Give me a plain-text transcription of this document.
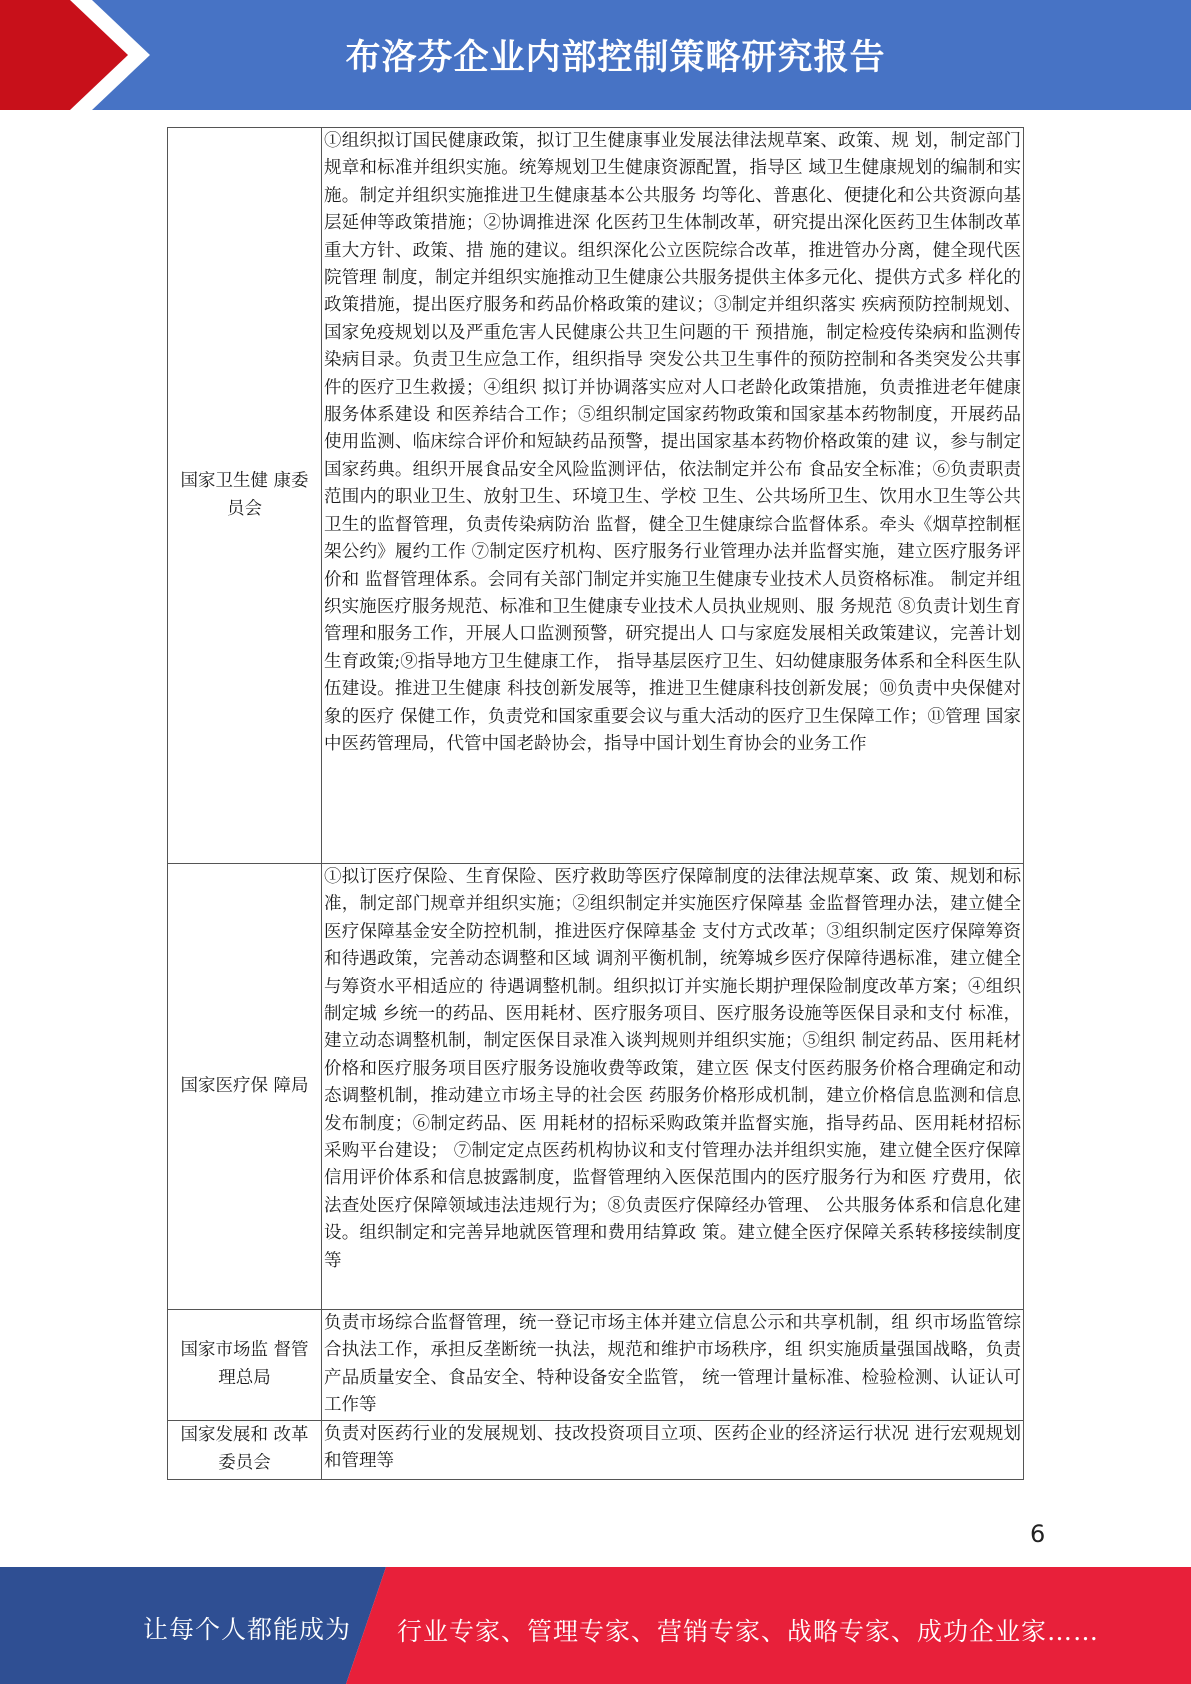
布洛芬企业内部控制策略研究报告
国家卫生健 康委员会	①组织拟订国民健康政策，拟订卫生健康事业发展法律法规草案、政策、规 划，制定部门规章和标准并组织实施。统筹规划卫生健康资源配置，指导区 域卫生健康规划的编制和实施。制定并组织实施推进卫生健康基本公共服务 均等化、普惠化、便捷化和公共资源向基层延伸等政策措施；②协调推进深 化医药卫生体制改革，研究提出深化医药卫生体制改革重大方针、政策、措 施的建议。组织深化公立医院综合改革，推进管办分离，健全现代医院管理 制度，制定并组织实施推动卫生健康公共服务提供主体多元化、提供方式多 样化的政策措施，提出医疗服务和药品价格政策的建议；③制定并组织落实 疾病预防控制规划、国家免疫规划以及严重危害人民健康公共卫生问题的干 预措施，制定检疫传染病和监测传染病目录。负责卫生应急工作，组织指导 突发公共卫生事件的预防控制和各类突发公共事件的医疗卫生救援；④组织 拟订并协调落实应对人口老龄化政策措施，负责推进老年健康服务体系建设 和医养结合工作；⑤组织制定国家药物政策和国家基本药物制度，开展药品 使用监测、临床综合评价和短缺药品预警，提出国家基本药物价格政策的建 议，参与制定国家药典。组织开展食品安全风险监测评估，依法制定并公布 食品安全标准；⑥负责职责范围内的职业卫生、放射卫生、环境卫生、学校 卫生、公共场所卫生、饮用水卫生等公共卫生的监督管理，负责传染病防治 监督，健全卫生健康综合监督体系。牵头《烟草控制框架公约》履约工作 ⑦制定医疗机构、医疗服务行业管理办法并监督实施，建立医疗服务评价和 监督管理体系。会同有关部门制定并实施卫生健康专业技术人员资格标准。 制定并组织实施医疗服务规范、标准和卫生健康专业技术人员执业规则、服 务规范 ⑧负责计划生育管理和服务工作，开展人口监测预警，研究提出人 口与家庭发展相关政策建议，完善计划生育政策;⑨指导地方卫生健康工作， 指导基层医疗卫生、妇幼健康服务体系和全科医生队伍建设。推进卫生健康 科技创新发展等，推进卫生健康科技创新发展；⑩负责中央保健对象的医疗 保健工作，负责党和国家重要会议与重大活动的医疗卫生保障工作；⑪管理 国家中医药管理局，代管中国老龄协会，指导中国计划生育协会的业务工作
国家医疗保 障局	①拟订医疗保险、生育保险、医疗救助等医疗保障制度的法律法规草案、政 策、规划和标准，制定部门规章并组织实施；②组织制定并实施医疗保障基 金监督管理办法，建立健全医疗保障基金安全防控机制，推进医疗保障基金 支付方式改革；③组织制定医疗保障筹资和待遇政策，完善动态调整和区域 调剂平衡机制，统筹城乡医疗保障待遇标准，建立健全与筹资水平相适应的 待遇调整机制。组织拟订并实施长期护理保险制度改革方案；④组织制定城 乡统一的药品、医用耗材、医疗服务项目、医疗服务设施等医保目录和支付 标准，建立动态调整机制，制定医保目录准入谈判规则并组织实施；⑤组织 制定药品、医用耗材价格和医疗服务项目医疗服务设施收费等政策，建立医 保支付医药服务价格合理确定和动态调整机制，推动建立市场主导的社会医 药服务价格形成机制，建立价格信息监测和信息发布制度；⑥制定药品、医 用耗材的招标采购政策并监督实施，指导药品、医用耗材招标采购平台建设； ⑦制定定点医药机构协议和支付管理办法并组织实施，建立健全医疗保障信用评价体系和信息披露制度，监督管理纳入医保范围内的医疗服务行为和医 疗费用，依法查处医疗保障领域违法违规行为；⑧负责医疗保障经办管理、 公共服务体系和信息化建设。组织制定和完善异地就医管理和费用结算政 策。建立健全医疗保障关系转移接续制度等
国家市场监 督管理总局	负责市场综合监督管理，统一登记市场主体并建立信息公示和共享机制，组 织市场监管综合执法工作，承担反垄断统一执法，规范和维护市场秩序，组 织实施质量强国战略，负责产品质量安全、食品安全、特种设备安全监管， 统一管理计量标准、检验检测、认证认可工作等
国家发展和 改革委员会	负责对医药行业的发展规划、技改投资项目立项、医药企业的经济运行状况 进行宏观规划和管理等
6
让每个人都能成为 行业专家、管理专家、营销专家、战略专家、成功企业家……
